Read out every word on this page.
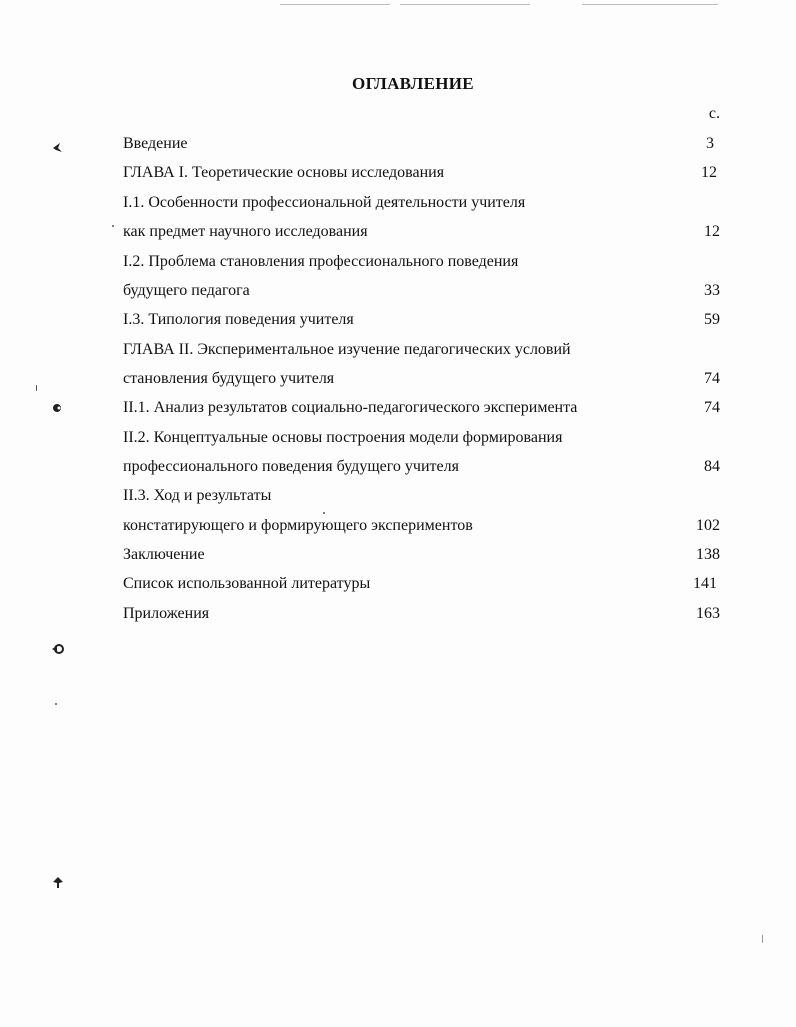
ОГЛАВЛЕНИЕ
с.
Введение	3
ГЛАВА I. Теоретические основы исследования	12
I.1. Особенности профессиональной деятельности учителя
как предмет научного исследования	12
I.2. Проблема становления профессионального поведения
будущего педагога	33
I.3. Типология поведения учителя	59
ГЛАВА II. Экспериментальное изучение педагогических условий
становления будущего учителя	74
II.1. Анализ результатов социально-педагогического эксперимента	74
II.2. Концептуальные основы построения модели формирования
профессионального поведения будущего учителя	84
II.3. Ход и результаты
констатирующего и формирующего экспериментов	102
Заключение	138
Список использованной литературы	141
Приложения	163
